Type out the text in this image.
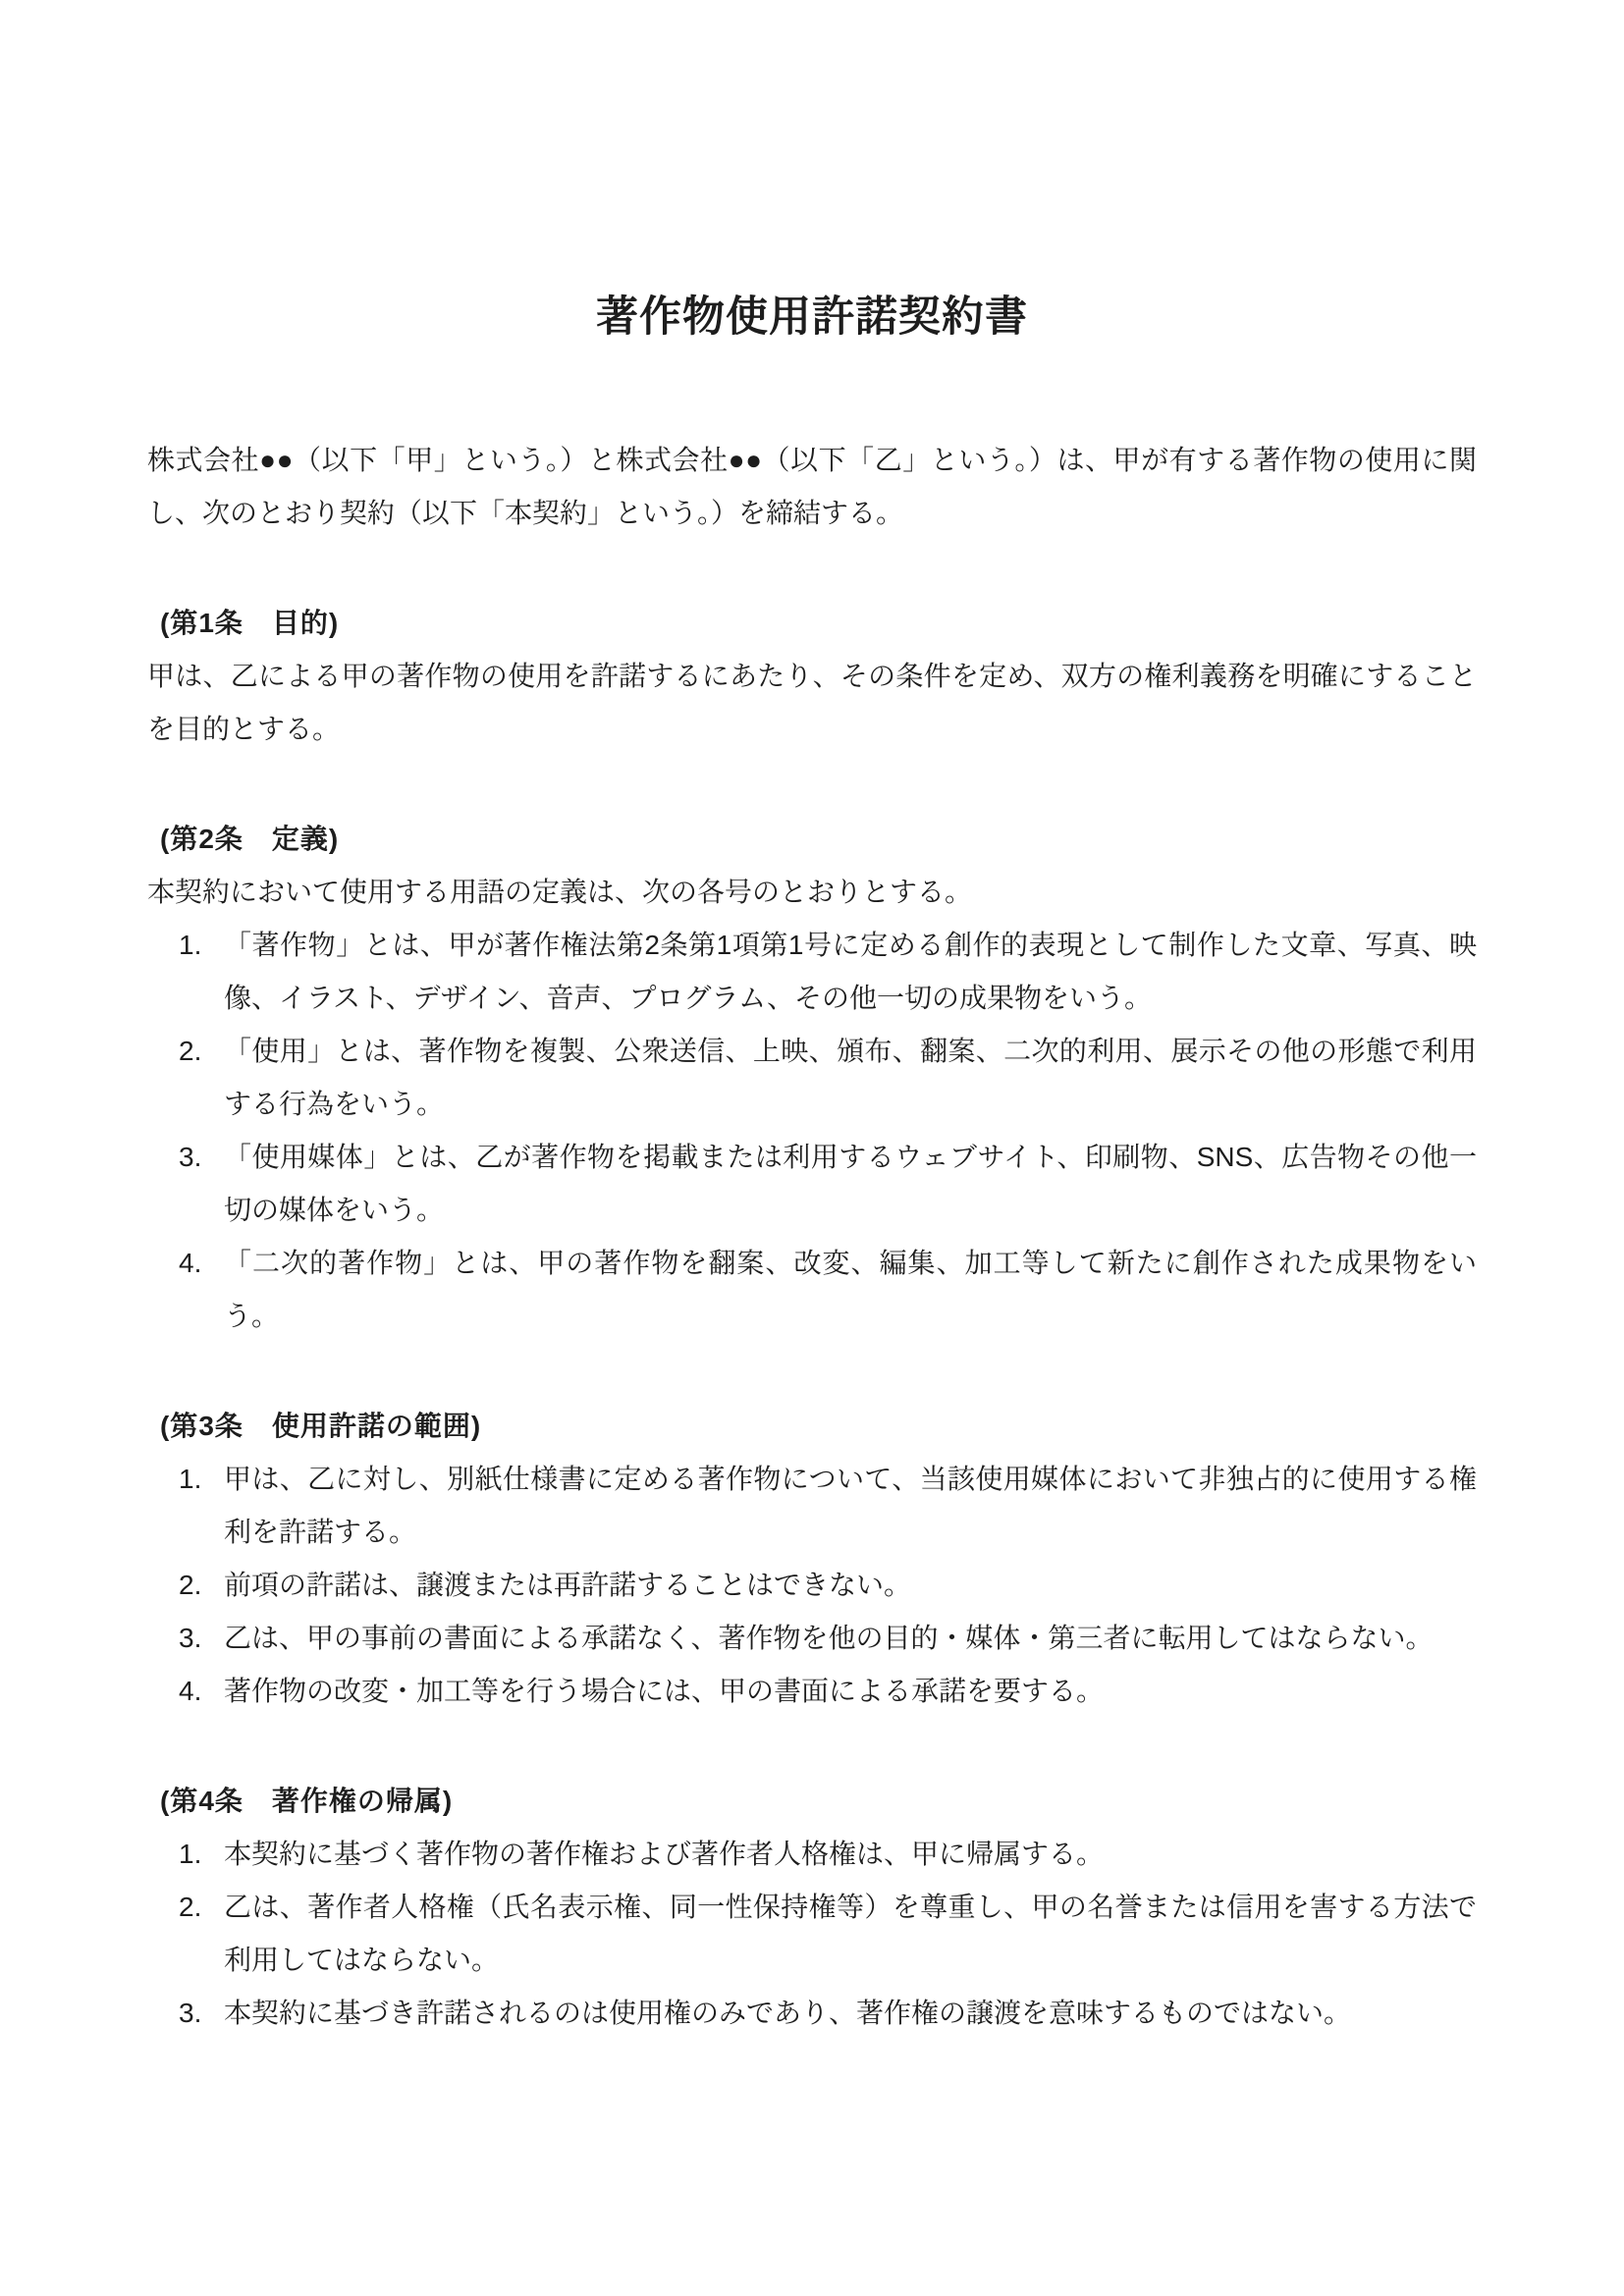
著作物使用許諾契約書

株式会社●●（以下「甲」という。）と株式会社●●（以下「乙」という。）は、甲が有する著作物の使用に関し、次のとおり契約（以下「本契約」という。）を締結する。

(第1条　目的)

甲は、乙による甲の著作物の使用を許諾するにあたり、その条件を定め、双方の権利義務を明確にすることを目的とする。

(第2条　定義)

本契約において使用する用語の定義は、次の各号のとおりとする。

「著作物」とは、甲が著作権法第2条第1項第1号に定める創作的表現として制作した文章、写真、映像、イラスト、デザイン、音声、プログラム、その他一切の成果物をいう。
「使用」とは、著作物を複製、公衆送信、上映、頒布、翻案、二次的利用、展示その他の形態で利用する行為をいう。
「使用媒体」とは、乙が著作物を掲載または利用するウェブサイト、印刷物、SNS、広告物その他一切の媒体をいう。
「二次的著作物」とは、甲の著作物を翻案、改変、編集、加工等して新たに創作された成果物をいう。
(第3条　使用許諾の範囲)
甲は、乙に対し、別紙仕様書に定める著作物について、当該使用媒体において非独占的に使用する権利を許諾する。
前項の許諾は、譲渡または再許諾することはできない。
乙は、甲の事前の書面による承諾なく、著作物を他の目的・媒体・第三者に転用してはならない。
著作物の改変・加工等を行う場合には、甲の書面による承諾を要する。
(第4条　著作権の帰属)
本契約に基づく著作物の著作権および著作者人格権は、甲に帰属する。
乙は、著作者人格権（氏名表示権、同一性保持権等）を尊重し、甲の名誉または信用を害する方法で利用してはならない。
本契約に基づき許諾されるのは使用権のみであり、著作権の譲渡を意味するものではない。
